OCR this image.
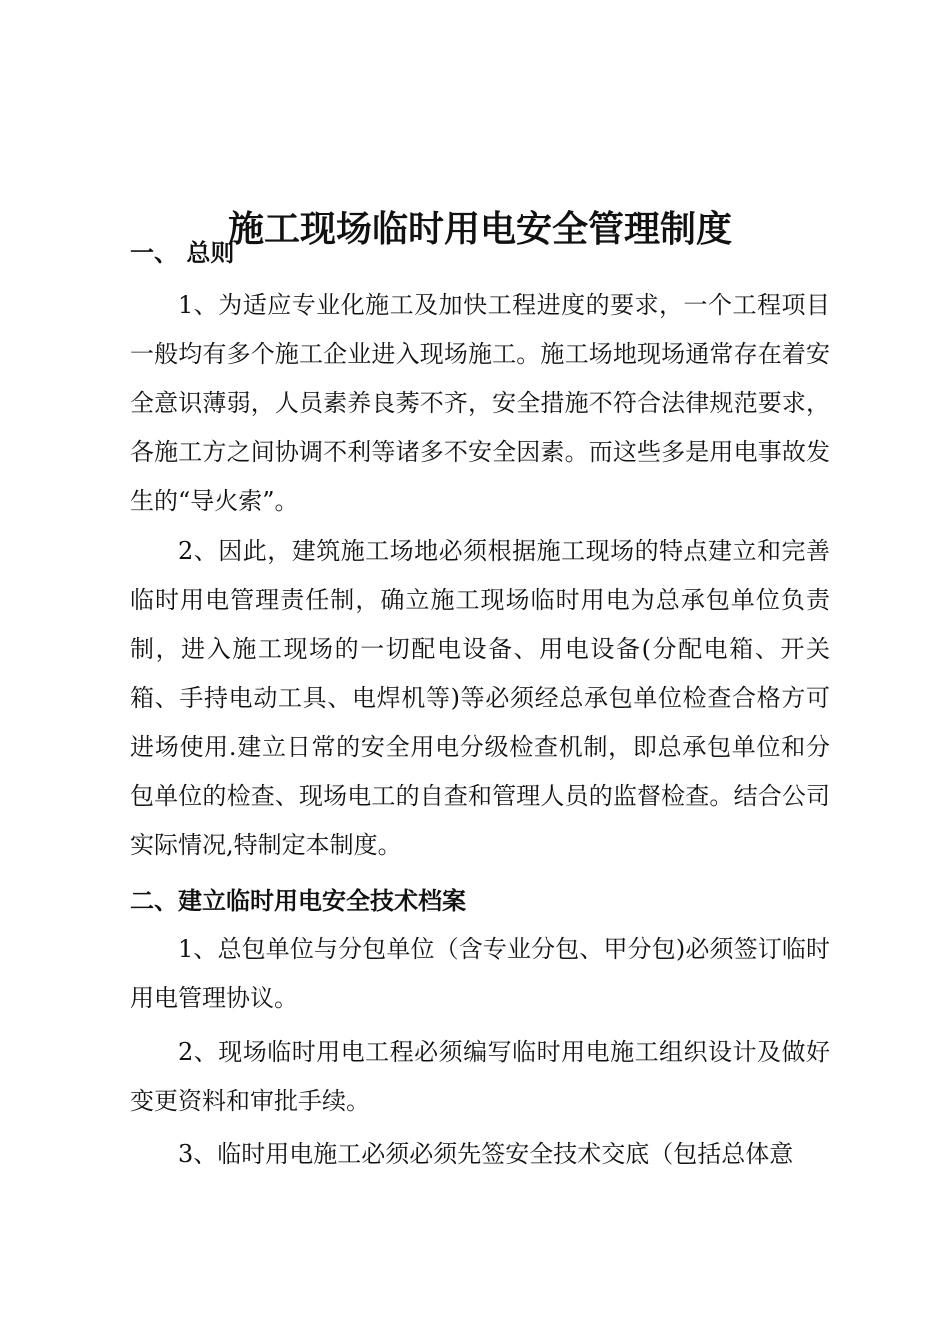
施工现场临时用电安全管理制度
一、 总则

1、为适应专业化施工及加快工程进度的要求，一个工程项目一般均有多个施工企业进入现场施工。施工场地现场通常存在着安全意识薄弱，人员素养良莠不齐，安全措施不符合法律规范要求，各施工方之间协调不利等诸多不安全因素。而这些多是用电事故发生的“导火索”。

2、因此，建筑施工场地必须根据施工现场的特点建立和完善临时用电管理责任制，确立施工现场临时用电为总承包单位负责制，进入施工现场的一切配电设备、用电设备(分配电箱、开关箱、手持电动工具、电焊机等)等必须经总承包单位检查合格方可进场使用.建立日常的安全用电分级检查机制，即总承包单位和分包单位的检查、现场电工的自查和管理人员的监督检查。结合公司实际情况,特制定本制度。

二、建立临时用电安全技术档案

1、总包单位与分包单位（含专业分包、甲分包)必须签订临时用电管理协议。

2、现场临时用电工程必须编写临时用电施工组织设计及做好变更资料和审批手续。

3、临时用电施工必须必须先签安全技术交底（包括总体意
